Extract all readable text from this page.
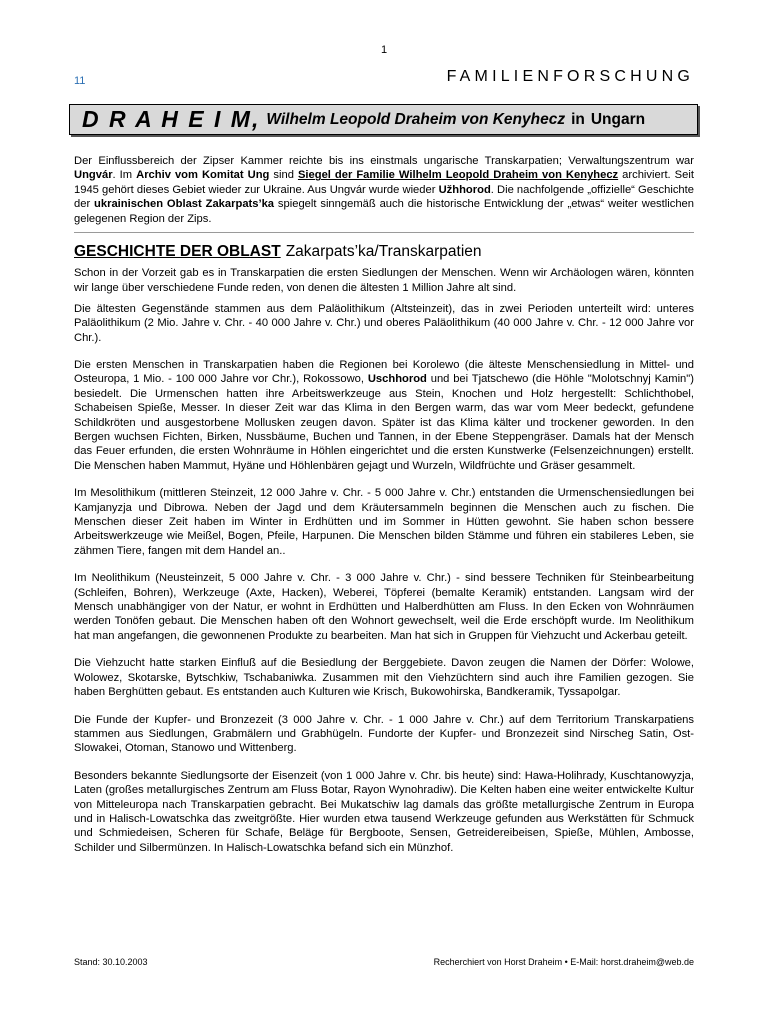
1
11	FAMILIENFORSCHUNG
D R A H E I M, Wilhelm Leopold Draheim von Kenyhecz in Ungarn

Der Einflussbereich der Zipser Kammer reichte bis ins einstmals ungarische Transkarpatien; Verwaltungszentrum war Ungvár. Im Archiv vom Komitat Ung sind Siegel der Familie Wilhelm Leopold Draheim von Kenyhecz archiviert. Seit 1945 gehört dieses Gebiet wieder zur Ukraine. Aus Ungvár wurde wieder Užhhorod. Die nachfolgende „offizielle“ Geschichte der ukrainischen Oblast Zakarpats’ka spiegelt sinngemäß auch die historische Entwicklung der „etwas“ weiter westlichen gelegenen Region der Zips.

GESCHICHTE DER OBLAST Zakarpats’ka/Transkarpatien

Schon in der Vorzeit gab es in Transkarpatien die ersten Siedlungen der Menschen. Wenn wir Archäologen wären, könnten wir lange über verschiedene Funde reden, von denen die ältesten 1 Million Jahre alt sind.

Die ältesten Gegenstände stammen aus dem Paläolithikum (Altsteinzeit), das in zwei Perioden unterteilt wird: unteres Paläolithikum (2 Mio. Jahre v. Chr. - 40 000 Jahre v. Chr.) und oberes Paläolithikum (40 000 Jahre v. Chr. - 12 000 Jahre vor Chr.).

Die ersten Menschen in Transkarpatien haben die Regionen bei Korolewo (die älteste Menschensiedlung in Mittel- und Osteuropa, 1 Mio. - 100 000 Jahre vor Chr.), Rokossowo, Uschhorod und bei Tjatschewo (die Höhle "Molotschnyj Kamin") besiedelt. Die Urmenschen hatten ihre Arbeitswerkzeuge aus Stein, Knochen und Holz hergestellt: Schlichthobel, Schabeisen Spieße, Messer. In dieser Zeit war das Klima in den Bergen warm, das war vom Meer bedeckt, gefundene Schildkröten und ausgestorbene Mollusken zeugen davon. Später ist das Klima kälter und trockener geworden. In den Bergen wuchsen Fichten, Birken, Nussbäume, Buchen und Tannen, in der Ebene Steppengräser. Damals hat der Mensch das Feuer erfunden, die ersten Wohnräume in Höhlen eingerichtet und die ersten Kunstwerke (Felsenzeichnungen) erstellt. Die Menschen haben Mammut, Hyäne und Höhlenbären gejagt und Wurzeln, Wildfrüchte und Gräser gesammelt.

Im Mesolithikum (mittleren Steinzeit, 12 000 Jahre v. Chr. - 5 000 Jahre v. Chr.) entstanden die Urmenschensiedlungen bei Kamjanyzja und Dibrowa. Neben der Jagd und dem Kräutersammeln beginnen die Menschen auch zu fischen. Die Menschen dieser Zeit haben im Winter in Erdhütten und im Sommer in Hütten gewohnt. Sie haben schon bessere Arbeitswerkzeuge wie Meißel, Bogen, Pfeile, Harpunen. Die Menschen bilden Stämme und führen ein stabileres Leben, sie zähmen Tiere, fangen mit dem Handel an..

Im Neolithikum (Neusteinzeit, 5 000 Jahre v. Chr. - 3 000 Jahre v. Chr.) - sind bessere Techniken für Steinbearbeitung (Schleifen, Bohren), Werkzeuge (Axte, Hacken), Weberei, Töpferei (bemalte Keramik) entstanden. Langsam wird der Mensch unabhängiger von der Natur, er wohnt in Erdhütten und Halberdhütten am Fluss. In den Ecken von Wohnräumen werden Tonöfen gebaut. Die Menschen haben oft den Wohnort gewechselt, weil die Erde erschöpft wurde. Im Neolithikum hat man angefangen, die gewonnenen Produkte zu bearbeiten. Man hat sich in Gruppen für Viehzucht und Ackerbau geteilt.

Die Viehzucht hatte starken Einfluß auf die Besiedlung der Berggebiete. Davon zeugen die Namen der Dörfer: Wolowe, Wolowez, Skotarske, Bytschkiw, Tschabaniwka. Zusammen mit den Viehzüchtern sind auch ihre Familien gezogen. Sie haben Berghütten gebaut. Es entstanden auch Kulturen wie Krisch, Bukowohirska, Bandkeramik, Tyssapolgar.

Die Funde der Kupfer- und Bronzezeit (3 000 Jahre v. Chr. - 1 000 Jahre v. Chr.) auf dem Territorium Transkarpatiens stammen aus Siedlungen, Grabmälern und Grabhügeln. Fundorte der Kupfer- und Bronzezeit sind Nirscheg Satin, Ost-Slowakei, Otoman, Stanowo und Wittenberg.

Besonders bekannte Siedlungsorte der Eisenzeit (von 1 000 Jahre v. Chr. bis heute) sind: Hawa-Holihrady, Kuschtanowyzja, Laten (großes metallurgisches Zentrum am Fluss Botar, Rayon Wynohradiw). Die Kelten haben eine weiter entwickelte Kultur von Mitteleuropa nach Transkarpatien gebracht. Bei Mukatschiw lag damals das größte metallurgische Zentrum in Europa und in Halisch-Lowatschka das zweitgrößte. Hier wurden etwa tausend Werkzeuge gefunden aus Werkstätten für Schmuck und Schmiedeisen, Scheren für Schafe, Beläge für Bergboote, Sensen, Getreidereibeisen, Spieße, Mühlen, Ambosse, Schilder und Silbermünzen. In Halisch-Lowatschka befand sich ein Münzhof.

Stand: 30.10.2003	Recherchiert von Horst Draheim • E-Mail: horst.draheim@web.de
